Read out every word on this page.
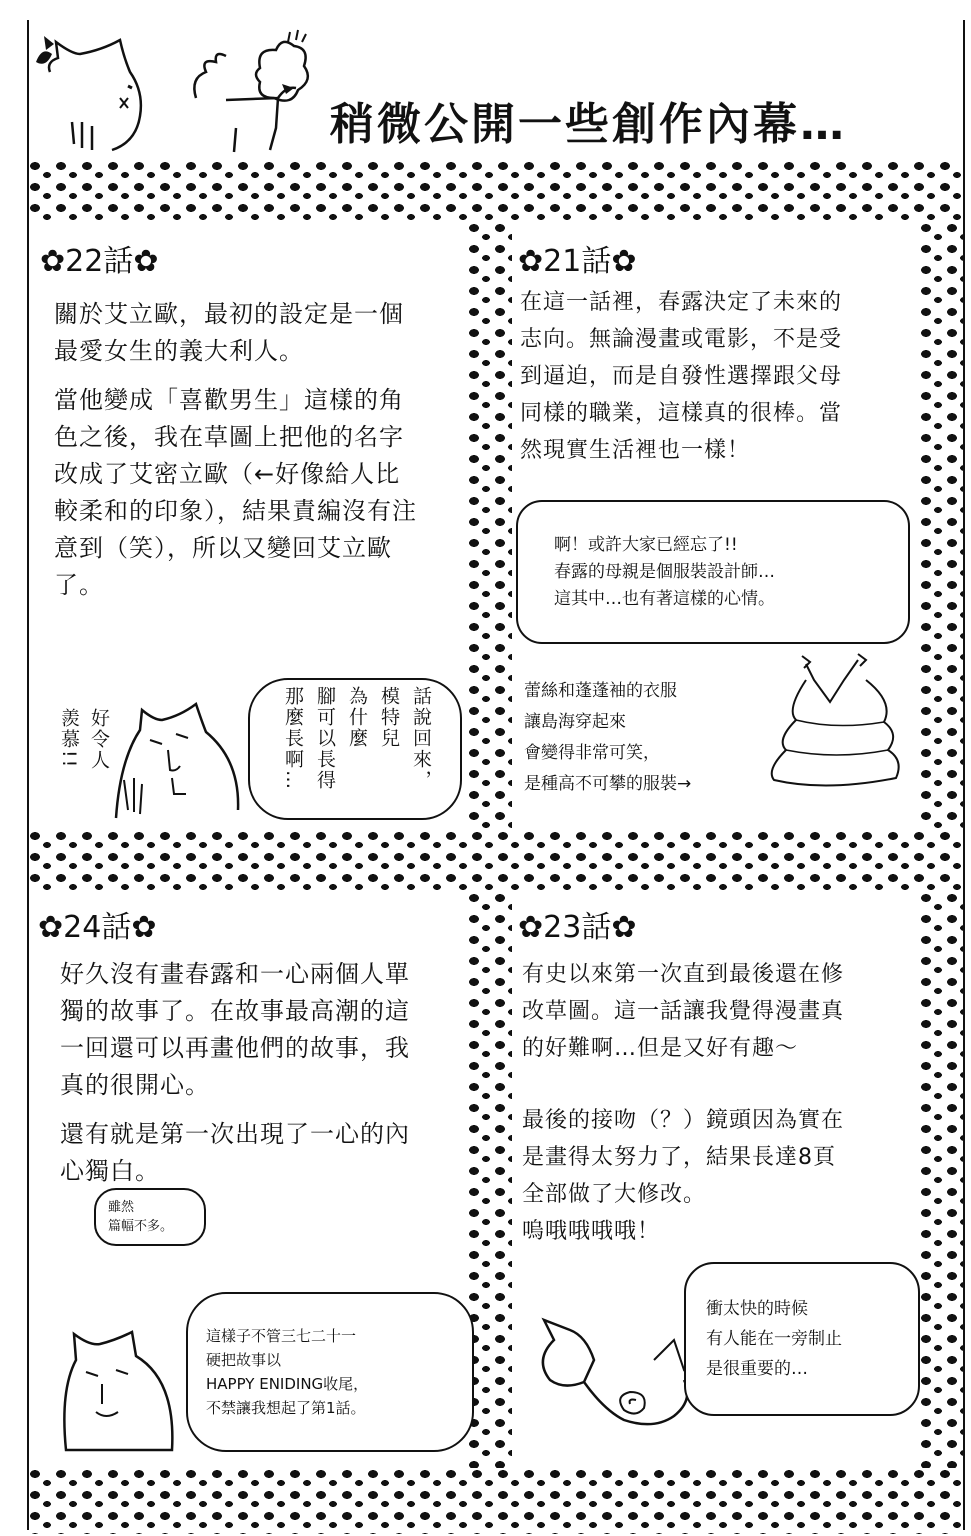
稍微公開一些創作內幕…
✿22話✿

關於艾立歐，最初的設定是一個
最愛女生的義大利人。

當他變成「喜歡男生」這樣的角
色之後，我在草圖上把他的名字
改成了艾密立歐（←好像給人比
較柔和的印象），結果責編沒有注
意到（笑），所以又變回艾立歐
了。

好令人
羨慕!!	話說回來，
模特兒
為什麼
腳可以長得
那麼長啊…
✿21話✿

在這一話裡，春露決定了未來的
志向。無論漫畫或電影，不是受
到逼迫，而是自發性選擇跟父母
同樣的職業，這樣真的很棒。當
然現實生活裡也一樣！

啊！或許大家已經忘了!!
春露的母親是個服裝設計師…
這其中…也有著這樣的心情。

蕾絲和蓬蓬袖的衣服
讓島海穿起來
會變得非常可笑，
是種高不可攀的服裝→

✿24話✿

好久沒有畫春露和一心兩個人單
獨的故事了。在故事最高潮的這
一回還可以再畫他們的故事，我
真的很開心。

還有就是第一次出現了一心的內
心獨白。

雖然
篇幅不多。

這樣子不管三七二十一
硬把故事以
HAPPY ENIDING收尾，
不禁讓我想起了第1話。

✿23話✿

有史以來第一次直到最後還在修
改草圖。這一話讓我覺得漫畫真
的好難啊…但是又好有趣～

最後的接吻（？）鏡頭因為實在
是畫得太努力了，結果長達8頁
全部做了大修改。
嗚哦哦哦哦！

衝太快的時候
有人能在一旁制止
是很重要的…
